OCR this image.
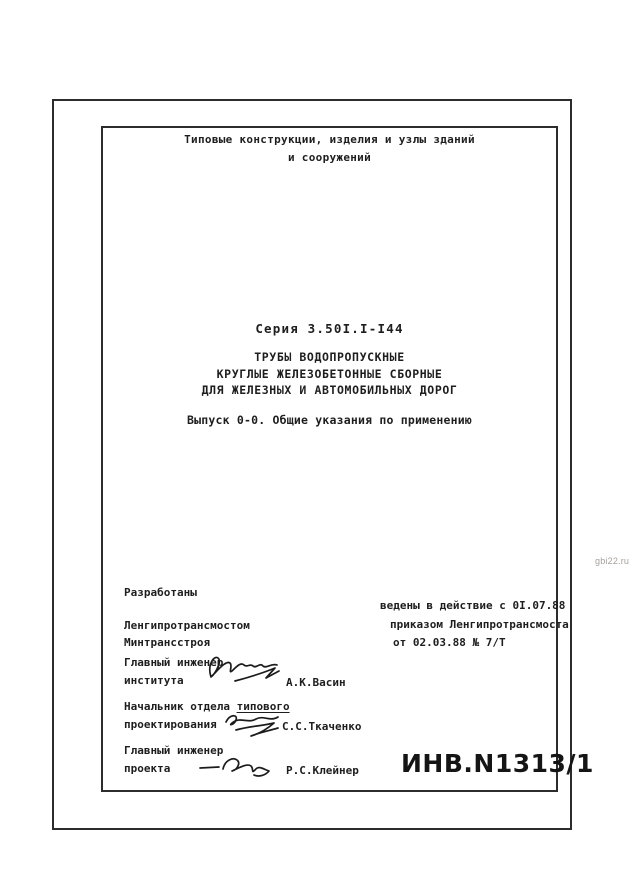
Типовые конструкции, изделия и узлы зданий
и сооружений
Серия 3.50I.I-I44
ТРУБЫ ВОДОПРОПУСКНЫЕ
КРУГЛЫЕ ЖЕЛЕЗОБЕТОННЫЕ СБОРНЫЕ
ДЛЯ ЖЕЛЕЗНЫХ И АВТОМОБИЛЬНЫХ ДОРОГ
Выпуск 0-0. Общие указания по применению
Разработаны
Ленгипротрансмостом
Минтрансстроя
ведены в действие с 0I.07.88
приказом Ленгипротрансмоста
от 02.03.88 № 7/Т
Главный инженер
института	А.К.Васин
Начальник отдела типового
проектирования	С.С.Ткаченко
Главный инженер
проекта	Р.С.Клейнер ИНВ.N1313/1
gbi22.ru
